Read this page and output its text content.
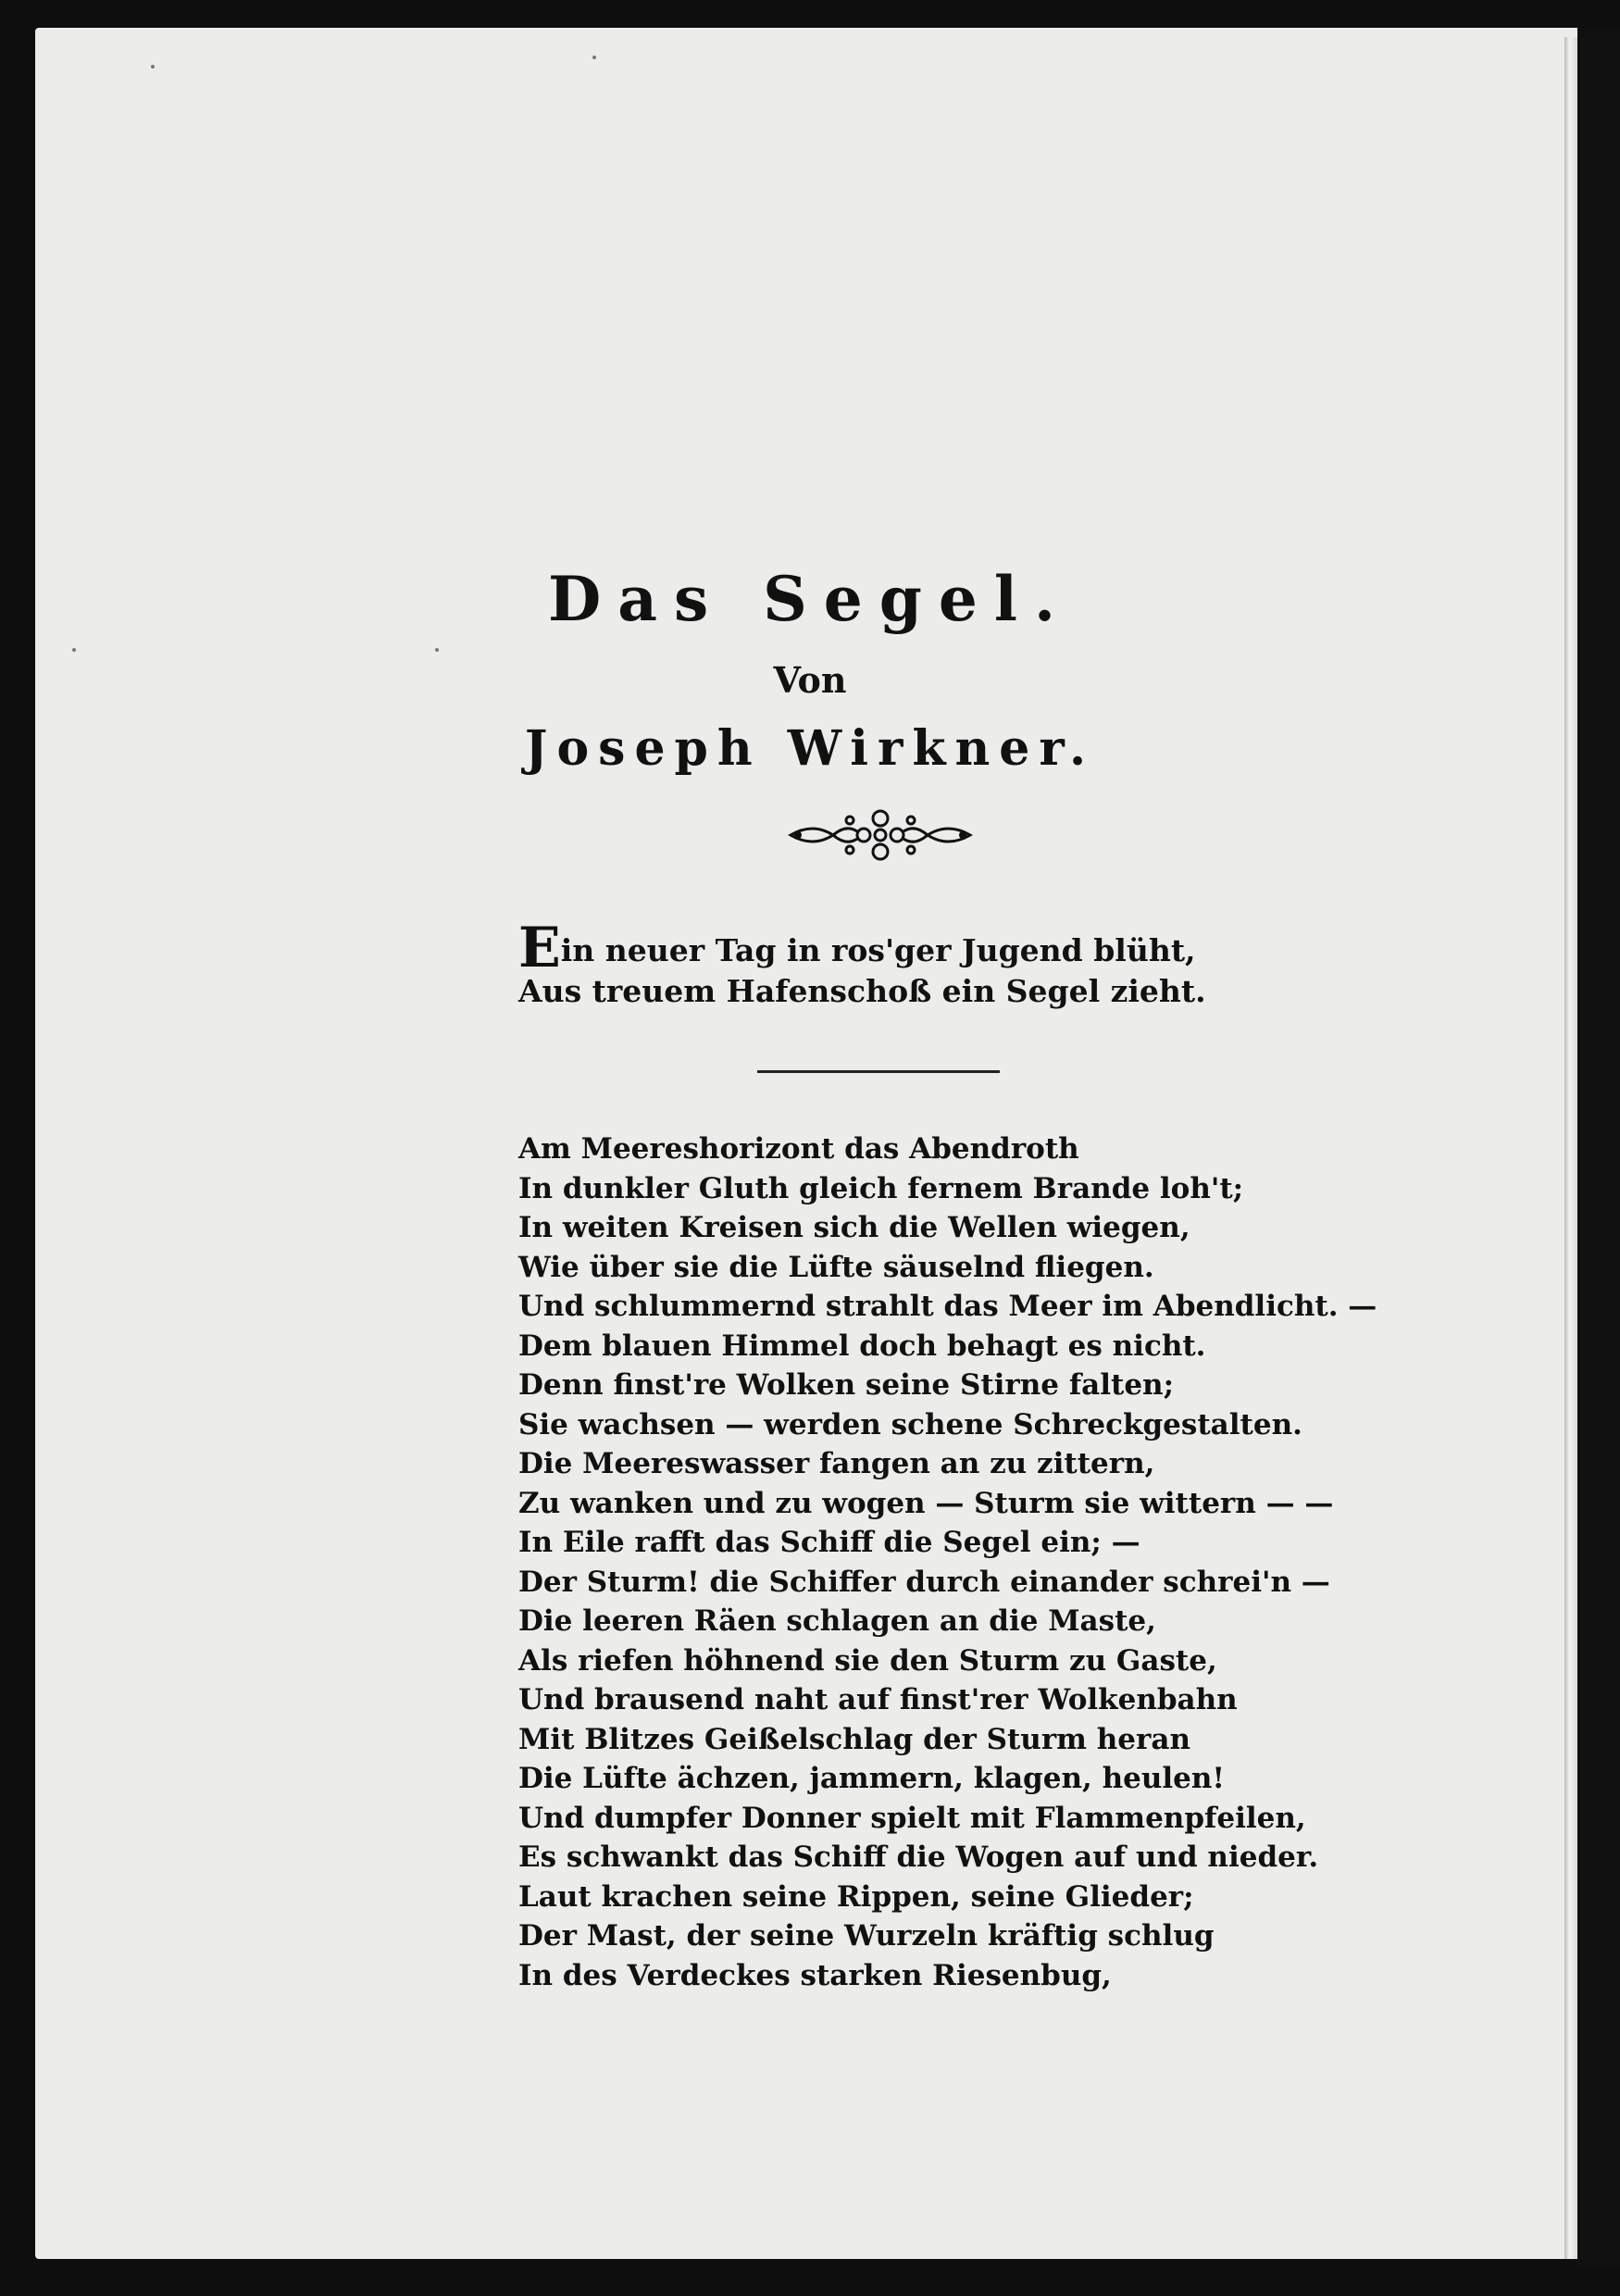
Das Segel.
Von
Joseph Wirkner.
Ein neuer Tag in ros'ger Jugend blüht,
Aus treuem Hafenschoß ein Segel zieht.
Am Meereshorizont das Abendroth
In dunkler Gluth gleich fernem Brande loh't;
In weiten Kreisen sich die Wellen wiegen,
Wie über sie die Lüfte säuselnd fliegen.
Und schlummernd strahlt das Meer im Abendlicht. —
Dem blauen Himmel doch behagt es nicht.
Denn finst're Wolken seine Stirne falten;
Sie wachsen — werden schene Schreckgestalten.
Die Meereswasser fangen an zu zittern,
Zu wanken und zu wogen — Sturm sie wittern — —
In Eile rafft das Schiff die Segel ein; —
Der Sturm! die Schiffer durch einander schrei'n —
Die leeren Räen schlagen an die Maste,
Als riefen höhnend sie den Sturm zu Gaste,
Und brausend naht auf finst'rer Wolkenbahn
Mit Blitzes Geißelschlag der Sturm heran
Die Lüfte ächzen, jammern, klagen, heulen!
Und dumpfer Donner spielt mit Flammenpfeilen,
Es schwankt das Schiff die Wogen auf und nieder.
Laut krachen seine Rippen, seine Glieder;
Der Mast, der seine Wurzeln kräftig schlug
In des Verdeckes starken Riesenbug,
